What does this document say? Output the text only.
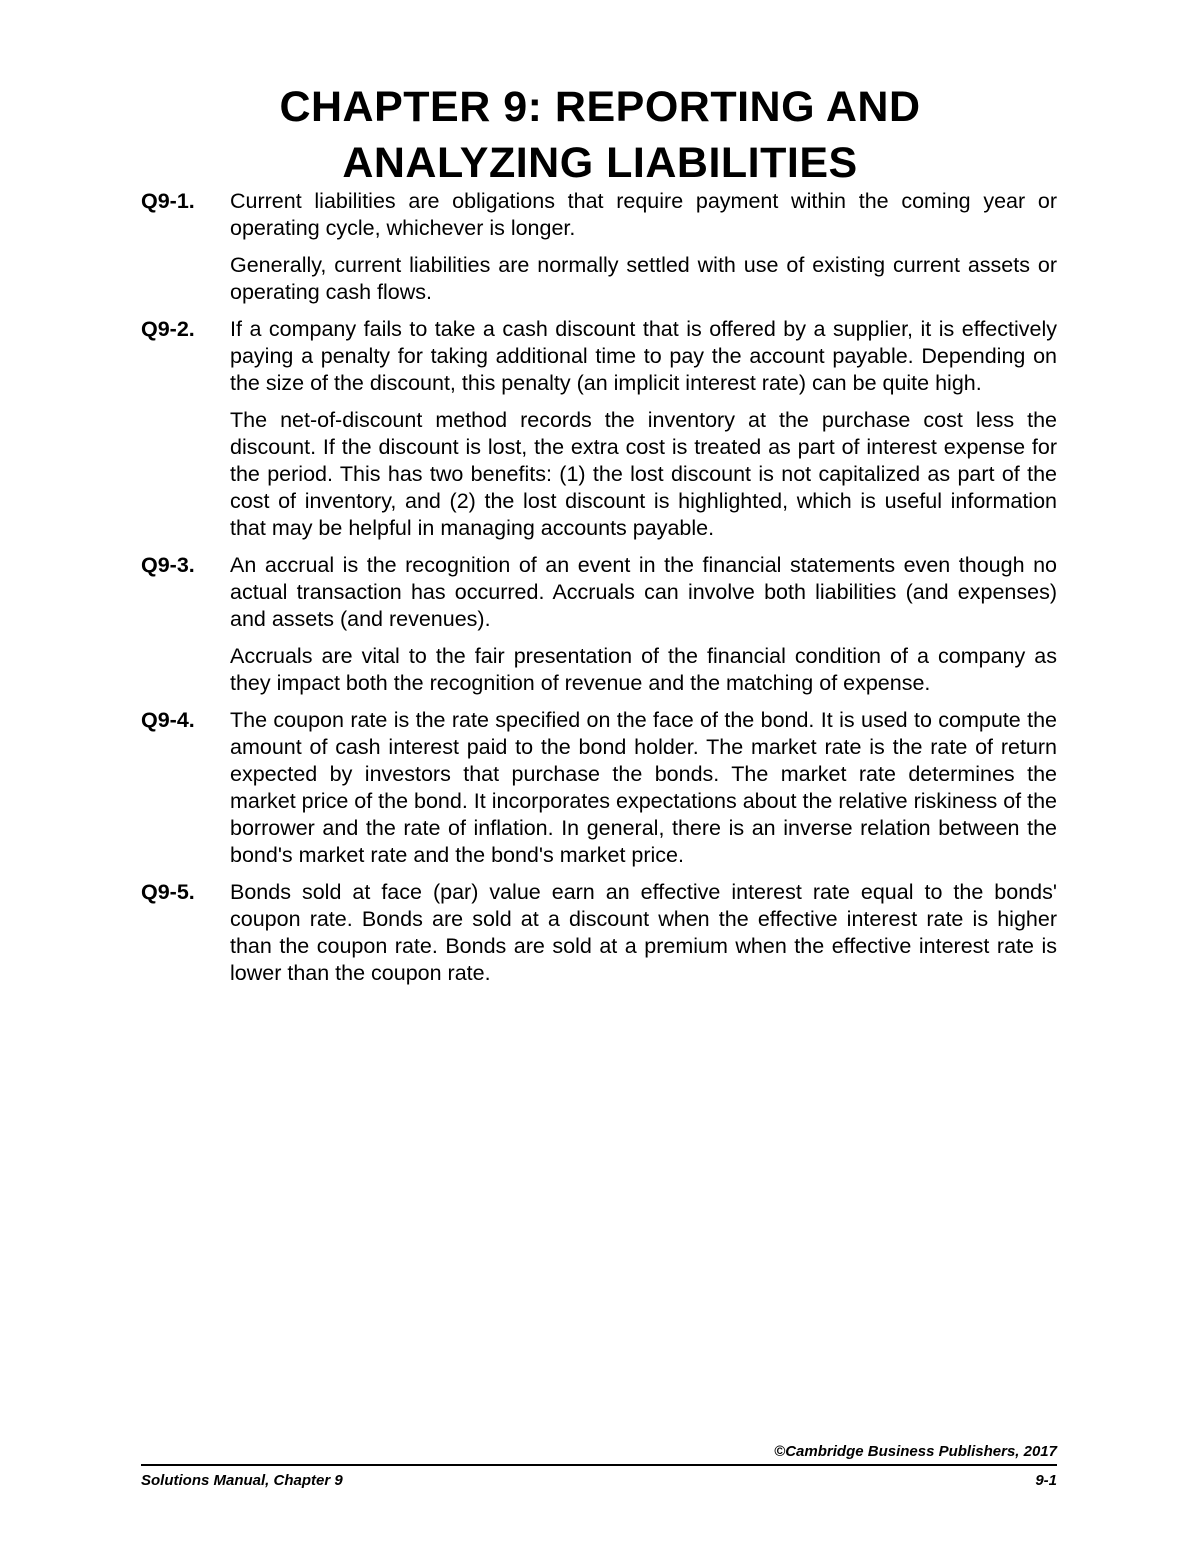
CHAPTER 9: REPORTING AND
ANALYZING LIABILITIES
Q9-1.	Current liabilities are obligations that require payment within the coming year or operating cycle, whichever is longer.

Generally, current liabilities are normally settled with use of existing current assets or operating cash flows.

Q9-2.	If a company fails to take a cash discount that is offered by a supplier, it is effectively paying a penalty for taking additional time to pay the account payable. Depending on the size of the discount, this penalty (an implicit interest rate) can be quite high.

The net-of-discount method records the inventory at the purchase cost less the discount. If the discount is lost, the extra cost is treated as part of interest expense for the period. This has two benefits: (1) the lost discount is not capitalized as part of the cost of inventory, and (2) the lost discount is highlighted, which is useful information that may be helpful in managing accounts payable.

Q9-3.	An accrual is the recognition of an event in the financial statements even though no actual transaction has occurred. Accruals can involve both liabilities (and expenses) and assets (and revenues).

Accruals are vital to the fair presentation of the financial condition of a company as they impact both the recognition of revenue and the matching of expense.

Q9-4.	The coupon rate is the rate specified on the face of the bond. It is used to compute the amount of cash interest paid to the bond holder. The market rate is the rate of return expected by investors that purchase the bonds. The market rate determines the market price of the bond. It incorporates expectations about the relative riskiness of the borrower and the rate of inflation. In general, there is an inverse relation between the bond's market rate and the bond's market price.

Q9-5.	Bonds sold at face (par) value earn an effective interest rate equal to the bonds' coupon rate. Bonds are sold at a discount when the effective interest rate is higher than the coupon rate. Bonds are sold at a premium when the effective interest rate is lower than the coupon rate.

©Cambridge Business Publishers, 2017
Solutions Manual, Chapter 9	9-1
